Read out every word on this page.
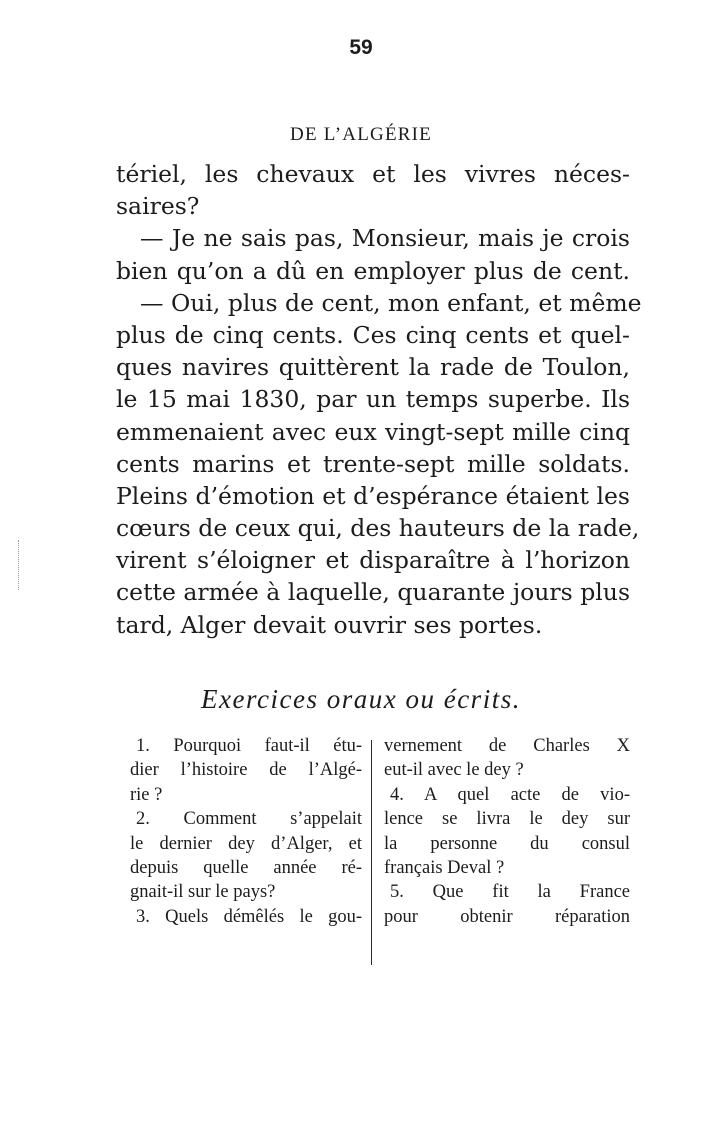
59
DE L’ALGÉRIE
tériel, les chevaux et les vivres néces-
saires?
— Je ne sais pas, Monsieur, mais je crois
bien qu’on a dû en employer plus de cent.
— Oui, plus de cent, mon enfant, et même
plus de cinq cents. Ces cinq cents et quel-
ques navires quittèrent la rade de Toulon,
le 15 mai 1830, par un temps superbe. Ils
emmenaient avec eux vingt-sept mille cinq
cents marins et trente-sept mille soldats.
Pleins d’émotion et d’espérance étaient les
cœurs de ceux qui, des hauteurs de la rade,
virent s’éloigner et disparaître à l’horizon
cette armée à laquelle, quarante jours plus
tard, Alger devait ouvrir ses portes.
Exercices oraux ou écrits.
1. Pourquoi faut-il étu-
dier l’histoire de l’Algé-
rie ?
2. Comment s’appelait
le dernier dey d’Alger, et
depuis quelle année ré-
gnait-il sur le pays?
3. Quels démêlés le gou-
vernement de Charles X
eut-il avec le dey ?
4. A quel acte de vio-
lence se livra le dey sur
la personne du consul
français Deval ?
5. Que fit la France
pour obtenir réparation
